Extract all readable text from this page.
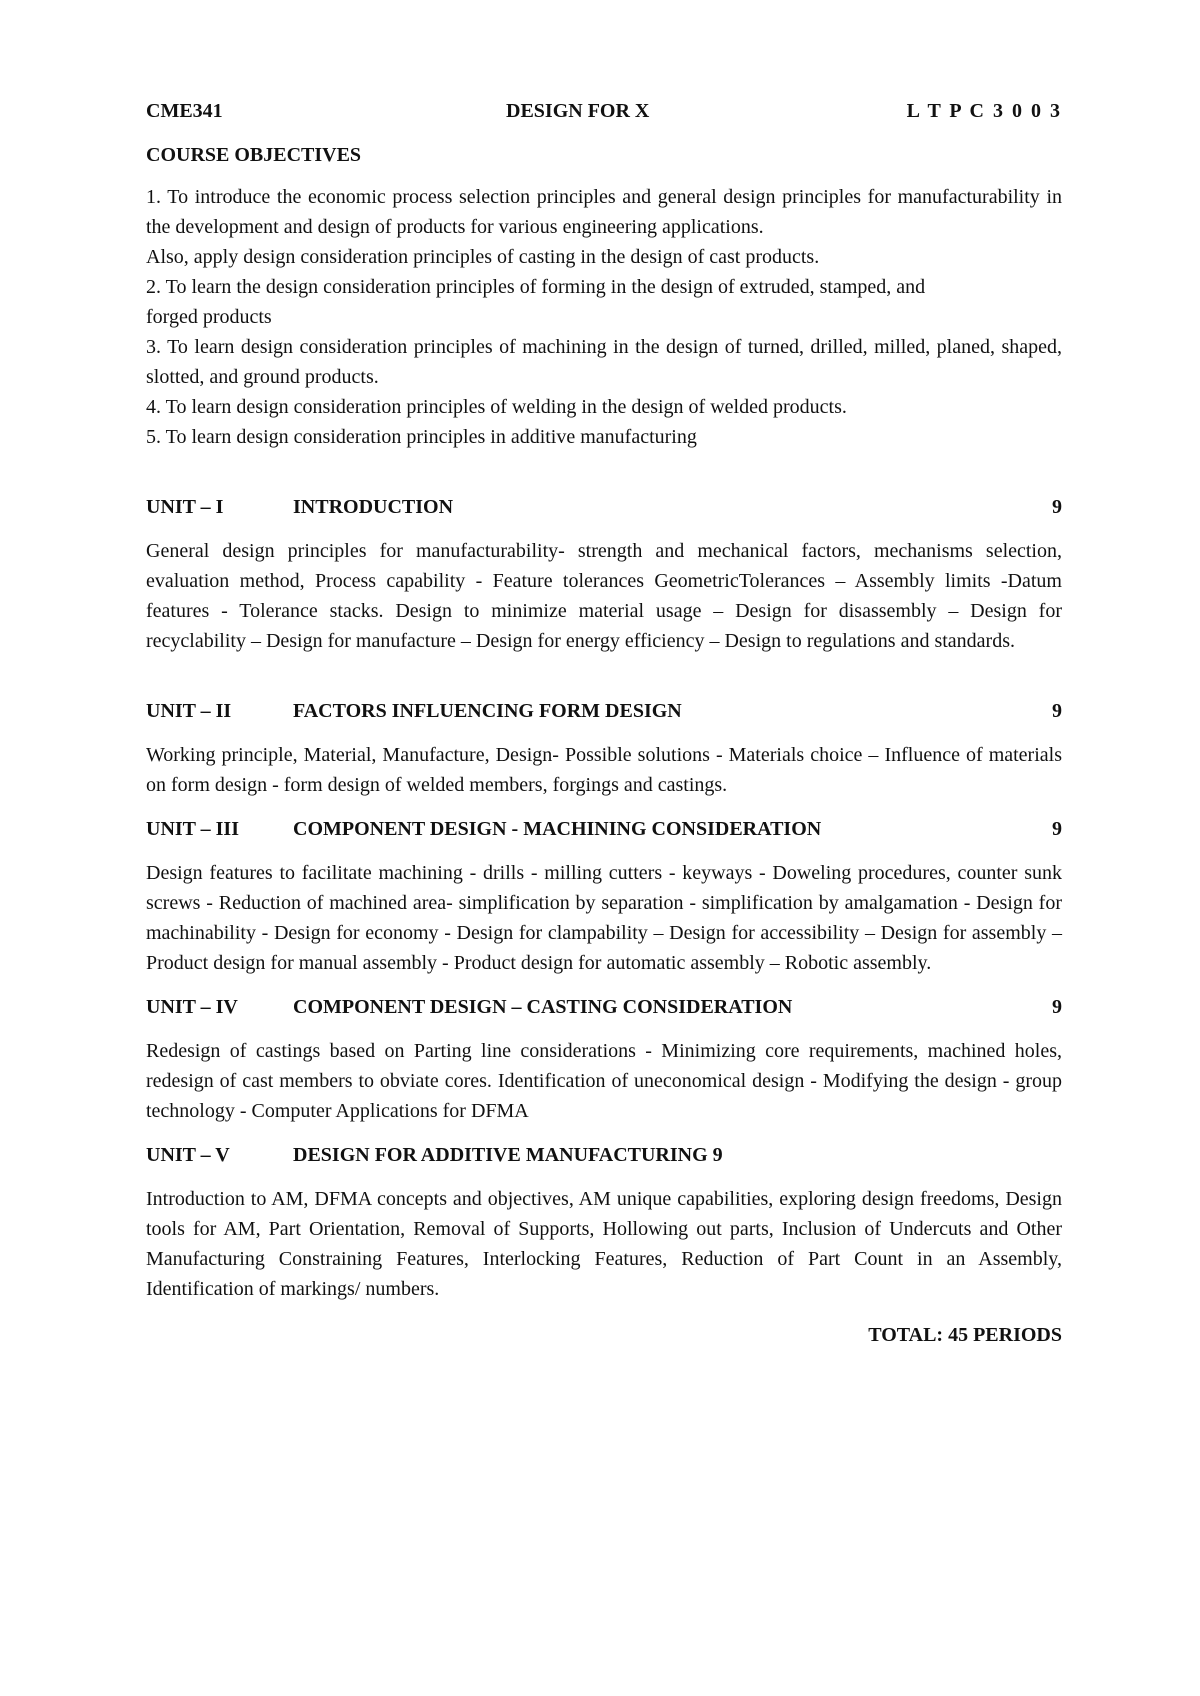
CME341	DESIGN FOR X	L T P C 3 0 0 3
COURSE OBJECTIVES

1. To introduce the economic process selection principles and general design principles for manufacturability in the development and design of products for various engineering applications.

Also, apply design consideration principles of casting in the design of cast products.

2. To learn the design consideration principles of forming in the design of extruded, stamped, and

forged products

3. To learn design consideration principles of machining in the design of turned, drilled, milled, planed, shaped, slotted, and ground products.

4. To learn design consideration principles of welding in the design of welded products.

5. To learn design consideration principles in additive manufacturing

UNIT – I	INTRODUCTION	9

General design principles for manufacturability- strength and mechanical factors, mechanisms selection, evaluation method, Process capability - Feature tolerances GeometricTolerances – Assembly limits -Datum features - Tolerance stacks. Design to minimize material usage – Design for disassembly – Design for recyclability – Design for manufacture – Design for energy efficiency – Design to regulations and standards.

UNIT – II	FACTORS INFLUENCING FORM DESIGN	9

Working principle, Material, Manufacture, Design- Possible solutions - Materials choice – Influence of materials on form design - form design of welded members, forgings and castings.

UNIT – III	COMPONENT DESIGN - MACHINING CONSIDERATION	9

Design features to facilitate machining - drills - milling cutters - keyways - Doweling procedures, counter sunk screws - Reduction of machined area- simplification by separation - simplification by amalgamation - Design for machinability - Design for economy - Design for clampability – Design for accessibility – Design for assembly – Product design for manual assembly - Product design for automatic assembly – Robotic assembly.

UNIT – IV	COMPONENT DESIGN – CASTING CONSIDERATION	9

Redesign of castings based on Parting line considerations - Minimizing core requirements, machined holes, redesign of cast members to obviate cores. Identification of uneconomical design - Modifying the design - group technology - Computer Applications for DFMA

UNIT – V	DESIGN FOR ADDITIVE MANUFACTURING 9

Introduction to AM, DFMA concepts and objectives, AM unique capabilities, exploring design freedoms, Design tools for AM, Part Orientation, Removal of Supports, Hollowing out parts, Inclusion of Undercuts and Other Manufacturing Constraining Features, Interlocking Features, Reduction of Part Count in an Assembly, Identification of markings/ numbers.

TOTAL: 45 PERIODS
